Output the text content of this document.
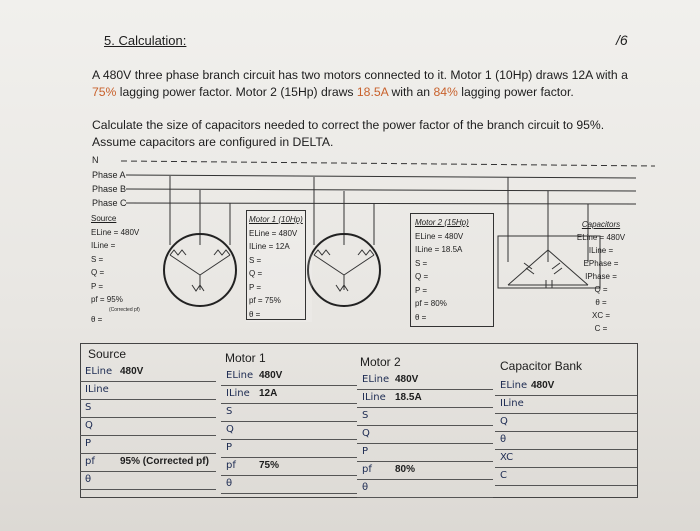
5. Calculation:	/6
A 480V three phase branch circuit has two motors connected to it. Motor 1 (10Hp) draws 12A with a
75% lagging power factor. Motor 2 (15Hp) draws 18.5A with an 84% lagging power factor.
Calculate the size of capacitors needed to correct the power factor of the branch circuit to 95%.
Assume capacitors are configured in DELTA.
N
Phase A
Phase B
Phase C
Source
ELine = 480V
ILine =
S =
Q =
P =
pf = 95%
(Corrected pf)
θ =
Motor 1 (10Hp)
ELine = 480V
ILine = 12A
S =
Q =
P =
pf = 75%
θ =
Motor 2 (15Hp)
ELine = 480V
ILine = 18.5A
S =
Q =
P =
pf = 80%
θ =
Capacitors
ELine = 480V
ILine =
EPhase =
IPhase =
Q =
θ =
XC =
C =
Source
ELine 480V
ILine
S
Q
P
pf	95% (Corrected pf)
θ
Motor 1
ELine 480V
ILine 12A
S
Q
P
pf 75%
θ
Motor 2
ELine 480V
ILine 18.5A
S
Q
P
pf 80%
θ
Capacitor Bank
ELine 480V
ILine
Q
θ
XC
C
